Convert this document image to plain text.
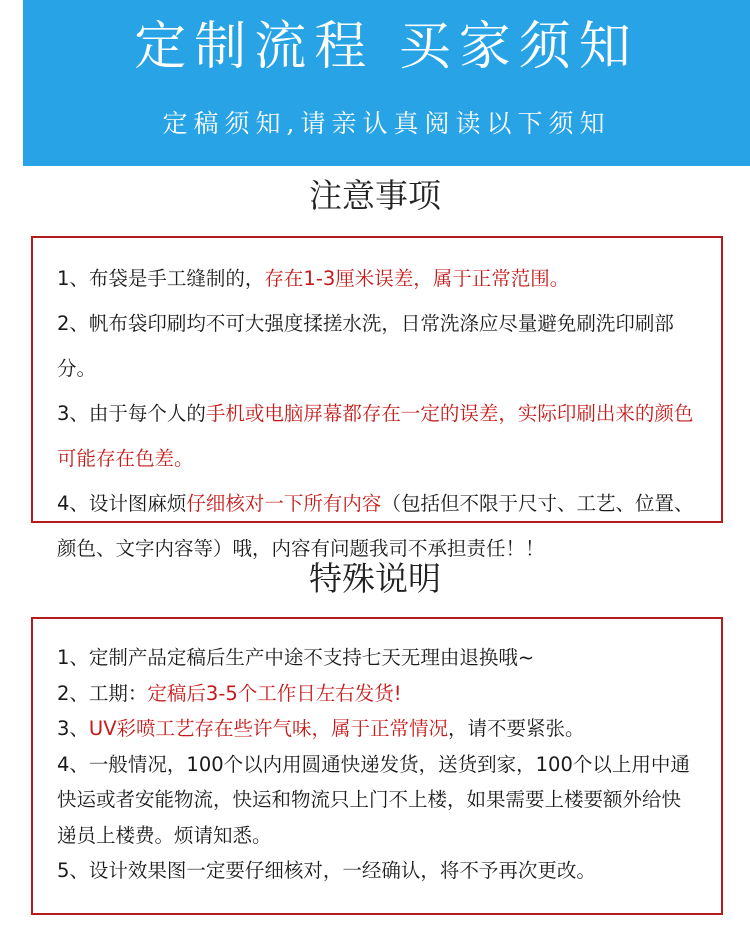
定制流程 买家须知
定稿须知,请亲认真阅读以下须知
注意事项
1、布袋是手工缝制的，存在1-3厘米误差，属于正常范围。
2、帆布袋印刷均不可大强度揉搓水洗，日常洗涤应尽量避免刷洗印刷部分。
3、由于每个人的手机或电脑屏幕都存在一定的误差，实际印刷出来的颜色可能存在色差。
4、设计图麻烦仔细核对一下所有内容（包括但不限于尺寸、工艺、位置、颜色、文字内容等）哦，内容有问题我司不承担责任！！
特殊说明
1、定制产品定稿后生产中途不支持七天无理由退换哦~
2、工期：定稿后3-5个工作日左右发货!
3、UV彩喷工艺存在些许气味，属于正常情况，请不要紧张。
4、一般情况，100个以内用圆通快递发货，送货到家，100个以上用中通快运或者安能物流，快运和物流只上门不上楼，如果需要上楼要额外给快递员上楼费。烦请知悉。
5、设计效果图一定要仔细核对，一经确认，将不予再次更改。
